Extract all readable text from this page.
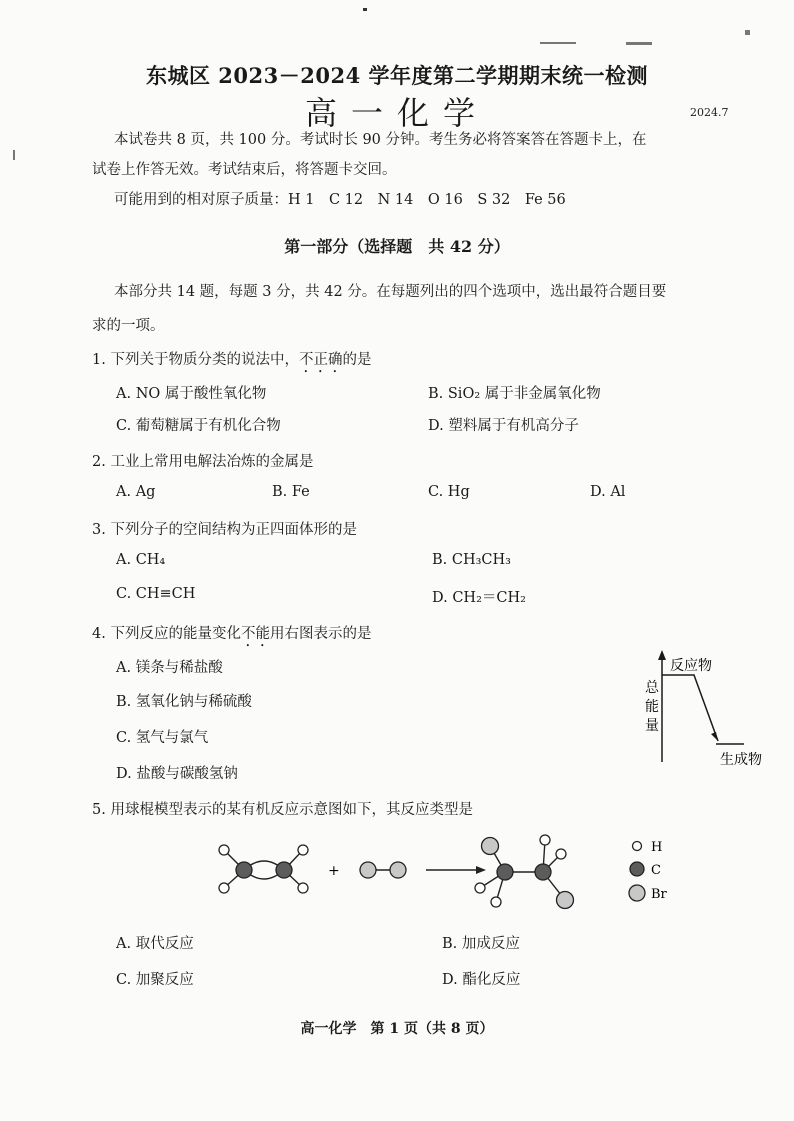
东城区 2023－2024 学年度第二学期期末统一检测
高一化学	2024.7
本试卷共 8 页，共 100 分。考试时长 90 分钟。考生务必将答案答在答题卡上，在
试卷上作答无效。考试结束后，将答题卡交回。
可能用到的相对原子质量：H 1　C 12　N 14　O 16　S 32　Fe 56
第一部分（选择题　共 42 分）
本部分共 14 题，每题 3 分，共 42 分。在每题列出的四个选项中，选出最符合题目要
求的一项。
1. 下列关于物质分类的说法中，不正确的是
A. NO 属于酸性氧化物	B. SiO₂ 属于非金属氧化物
C. 葡萄糖属于有机化合物	D. 塑料属于有机高分子
2. 工业上常用电解法冶炼的金属是
A. Ag	B. Fe	C. Hg	D. Al
3. 下列分子的空间结构为正四面体形的是
A. CH₄	B. CH₃CH₃
C. CH≡CH	D. CH₂＝CH₂
4. 下列反应的能量变化不能用右图表示的是
A. 镁条与稀盐酸
B. 氢氧化钠与稀硫酸
C. 氢气与氯气
D. 盐酸与碳酸氢钠
反应物
生成物
总
能
量
5. 用球棍模型表示的某有机反应示意图如下，其反应类型是
+
H
C
Br
A. 取代反应	B. 加成反应
C. 加聚反应	D. 酯化反应
高一化学　第 1 页（共 8 页）
